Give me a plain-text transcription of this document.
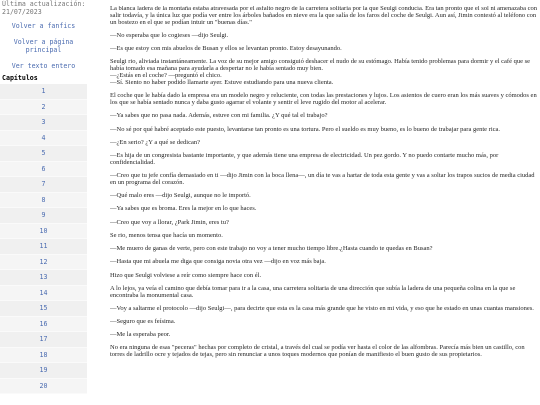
Última actualización:
21/07/2023
Volver a fanfics
Volver a página principal
Ver texto entero
Capítulos
1
2
3
4
5
6
7
8
9
10
11
12
13
14
15
16
17
18
19
20

La blanca ladera de la montaña estaba atravesada por el asfalto negro de la carretera solitaria por la que Seulgi conducía. Era tan pronto que el sol ni amenazaba con salir todavía, y la única luz que podía ver entre los árboles bañados en nieve era la que salía de los faros del coche de Seulgi. Aun así, Jimin contestó al teléfono con un bostezo en el que se podían intuir un "buenas días."

—No esperaba que lo cogieses —dijo Seulgi.

—Es que estoy con mis abuelos de Busan y ellos se levantan pronto. Estoy desayunando.

Seulgi rio, aliviada instantáneamente. La voz de su mejor amigo consiguió deshacer el nudo de su estómago. Había tenido problemas para dormir y el café que se había tomado esa mañana para ayudarla a despertar no le había sentado muy bien.
—¿Estás en el coche? —preguntó el chico.
—Sí. Siento no haber podido llamarte ayer. Estuve estudiando para una nueva clienta.

El coche que le había dado la empresa era un modelo negro y reluciente, con todas las prestaciones y lujos. Los asientos de cuero eran los más suaves y cómodos en los que se había sentado nunca y daba gusto agarrar el volante y sentir el leve rugido del motor al acelerar.

—Ya sabes que no pasa nada. Además, estuve con mi familia. ¿Y qué tal el trabajo?

—No sé por qué habré aceptado este puesto, levantarse tan pronto es una tortura. Pero el sueldo es muy bueno, es lo bueno de trabajar para gente rica.

—¿En serio? ¿Y a qué se dedican?

—Es hija de un congresista bastante importante, y que además tiene una empresa de electricidad. Un pez gordo. Y no puedo contarte mucho más, por confidencialidad.

—Creo que tu jefe confía demasiado en ti —dijo Jimin con la boca llena—, un día te vas a hartar de toda esta gente y vas a soltar los trapos sucios de media ciudad en un programa del corazón.

—Qué malo eres —dijo Seulgi, aunque no le importó.

—Ya sabes que es broma. Eres la mejor en lo que haces.

—Creo que voy a llorar, ¿Park Jimin, eres tu?

Se rio, menos tensa que hacía un momento.

—Me muero de ganas de verte, pero con este trabajo no voy a tener mucho tiempo libre.¿Hasta cuando te quedas en Busan?

—Hasta que mi abuela me diga que consiga novia otra vez —dijo en voz más baja.

Hizo que Seulgi volviese a reír como siempre hace con él.

A lo lejos, ya veía el camino que debía tomar para ir a la casa, una carretera solitaria de una dirección que subía la ladera de una pequeña colina en la que se encontraba la monumental casa.

—Voy a saltarme el protocolo —dijo Seulgi—, para decirte que esta es la casa más grande que he visto en mi vida, y eso que he estado en unas cuantas mansiones.

—Seguro que es feísima.

—Me la esperaba peor.

No era ninguna de esas "peceras" hechas por completo de cristal, a través del cual se podía ver hasta el color de las alfombras. Parecía más bien un castillo, con torres de ladrillo ocre y tejados de tejas, pero sin renunciar a unos toques modernos que ponían de manifiesto el buen gusto de sus propietarios.
